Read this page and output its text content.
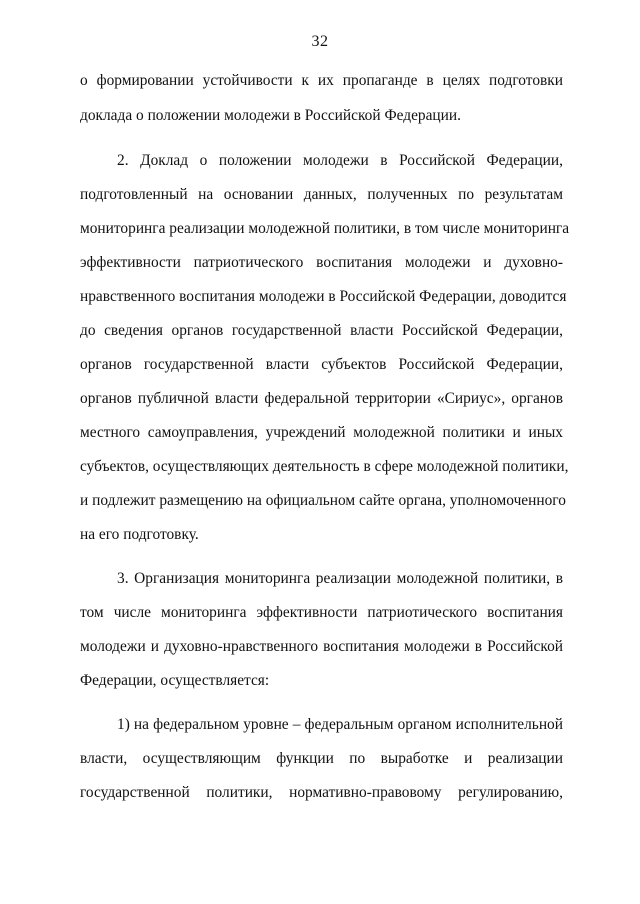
32
о формировании устойчивости к их пропаганде в целях подготовки
доклада о положении молодежи в Российской Федерации.
2. Доклад о положении молодежи в Российской Федерации,
подготовленный на основании данных, полученных по результатам
мониторинга реализации молодежной политики, в том числе мониторинга
эффективности патриотического воспитания молодежи и духовно-
нравственного воспитания молодежи в Российской Федерации, доводится
до сведения органов государственной власти Российской Федерации,
органов государственной власти субъектов Российской Федерации,
органов публичной власти федеральной территории «Сириус», органов
местного самоуправления, учреждений молодежной политики и иных
субъектов, осуществляющих деятельность в сфере молодежной политики,
и подлежит размещению на официальном сайте органа, уполномоченного
на его подготовку.
3. Организация мониторинга реализации молодежной политики, в
том числе мониторинга эффективности патриотического воспитания
молодежи и духовно-нравственного воспитания молодежи в Российской
Федерации, осуществляется:
1) на федеральном уровне – федеральным органом исполнительной
власти, осуществляющим функции по выработке и реализации
государственной политики, нормативно-правовому регулированию,
